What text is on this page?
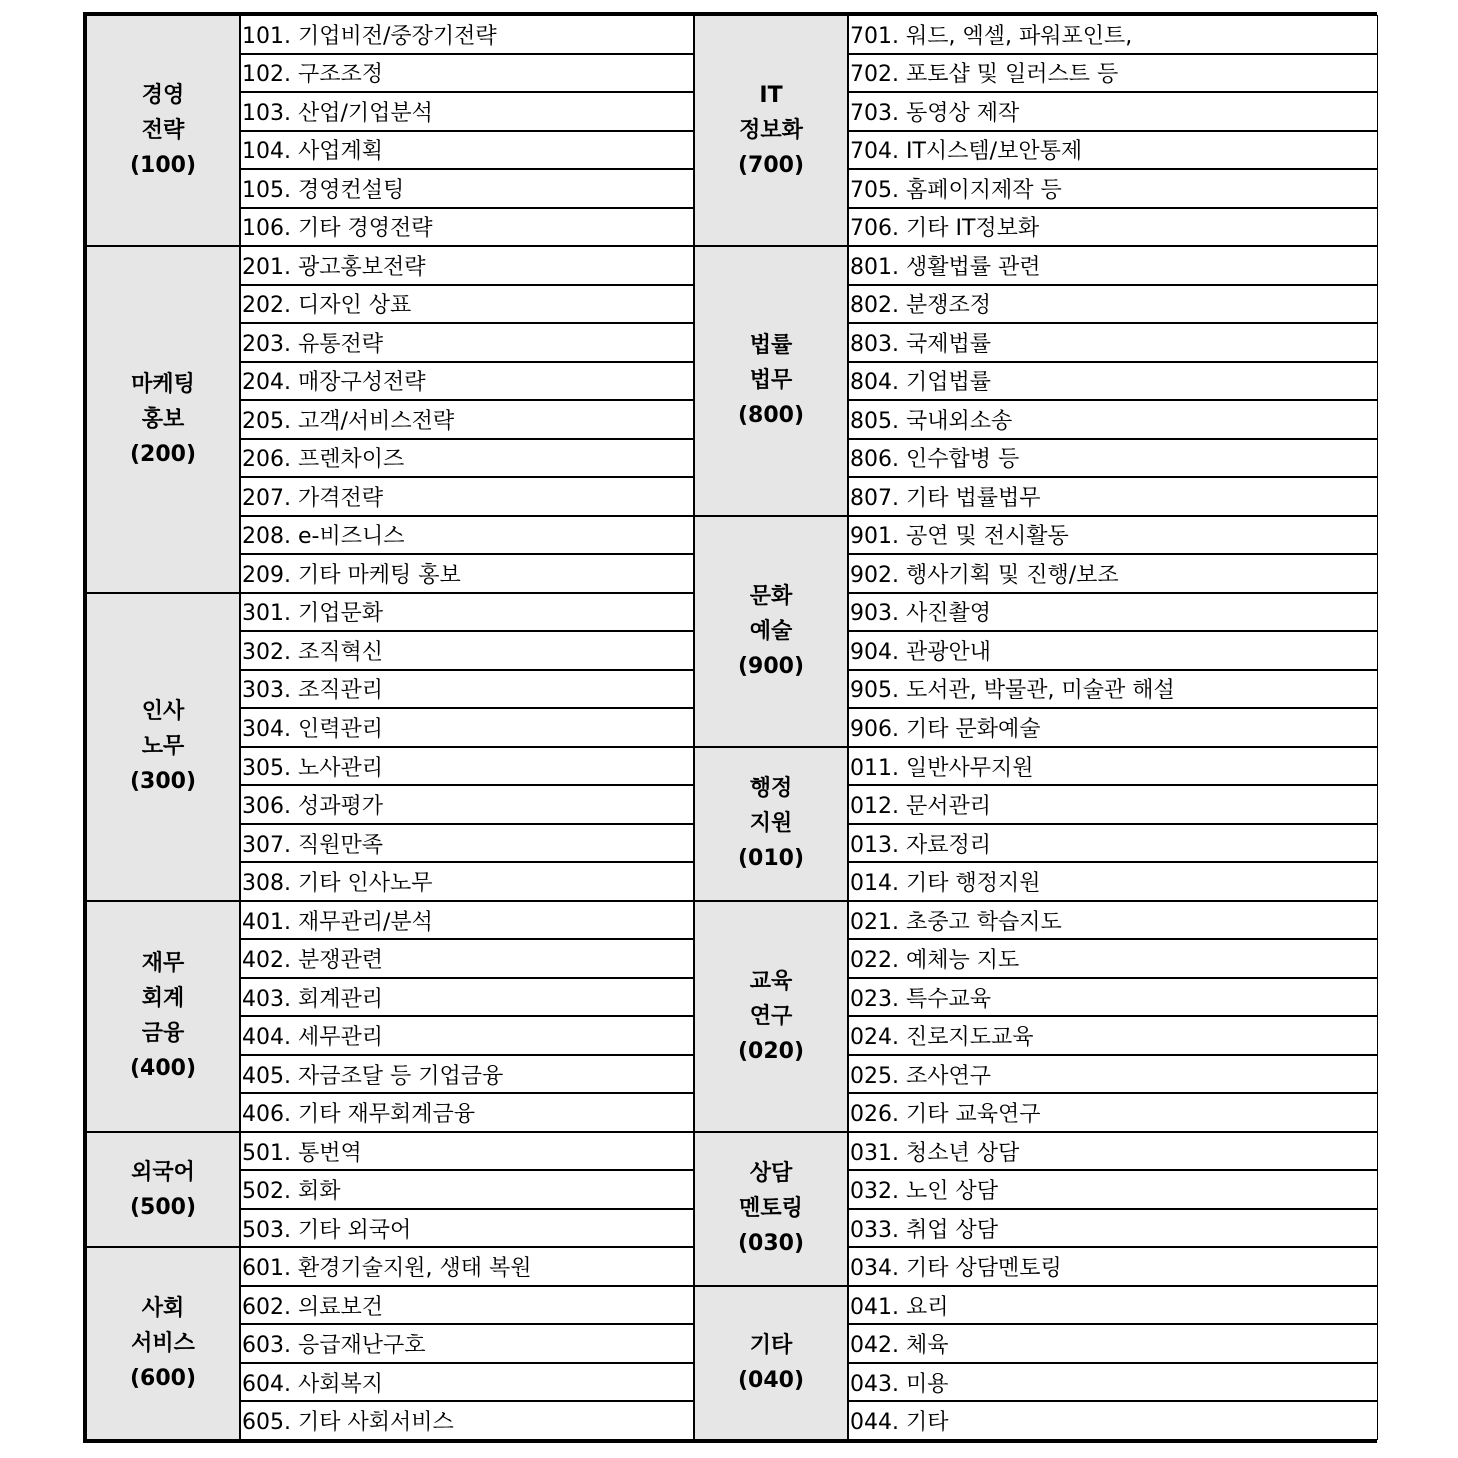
경영
전략
(100)
마케팅
홍보
(200)
인사
노무
(300)
재무
회계
금융
(400)
외국어
(500)
사회
서비스
(600)
101. 기업비전/중장기전략
102. 구조조정
103. 산업/기업분석
104. 사업계획
105. 경영컨설팅
106. 기타 경영전략
201. 광고홍보전략
202. 디자인 상표
203. 유통전략
204. 매장구성전략
205. 고객/서비스전략
206. 프렌차이즈
207. 가격전략
208. e-비즈니스
209. 기타 마케팅 홍보
301. 기업문화
302. 조직혁신
303. 조직관리
304. 인력관리
305. 노사관리
306. 성과평가
307. 직원만족
308. 기타 인사노무
401. 재무관리/분석
402. 분쟁관련
403. 회계관리
404. 세무관리
405. 자금조달 등 기업금융
406. 기타 재무회계금융
501. 통번역
502. 회화
503. 기타 외국어
601. 환경기술지원, 생태 복원
602. 의료보건
603. 응급재난구호
604. 사회복지
605. 기타 사회서비스
IT
정보화
(700)
법률
법무
(800)
문화
예술
(900)
행정
지원
(010)
교육
연구
(020)
상담
멘토링
(030)
기타
(040)
701. 워드, 엑셀, 파워포인트,
702. 포토샵 및 일러스트 등
703. 동영상 제작
704. IT시스템/보안통제
705. 홈페이지제작 등
706. 기타 IT정보화
801. 생활법률 관련
802. 분쟁조정
803. 국제법률
804. 기업법률
805. 국내외소송
806. 인수합병 등
807. 기타 법률법무
901. 공연 및 전시활동
902. 행사기획 및 진행/보조
903. 사진촬영
904. 관광안내
905. 도서관, 박물관, 미술관 해설
906. 기타 문화예술
011. 일반사무지원
012. 문서관리
013. 자료정리
014. 기타 행정지원
021. 초중고 학습지도
022. 예체능 지도
023. 특수교육
024. 진로지도교육
025. 조사연구
026. 기타 교육연구
031. 청소년 상담
032. 노인 상담
033. 취업 상담
034. 기타 상담멘토링
041. 요리
042. 체육
043. 미용
044. 기타
